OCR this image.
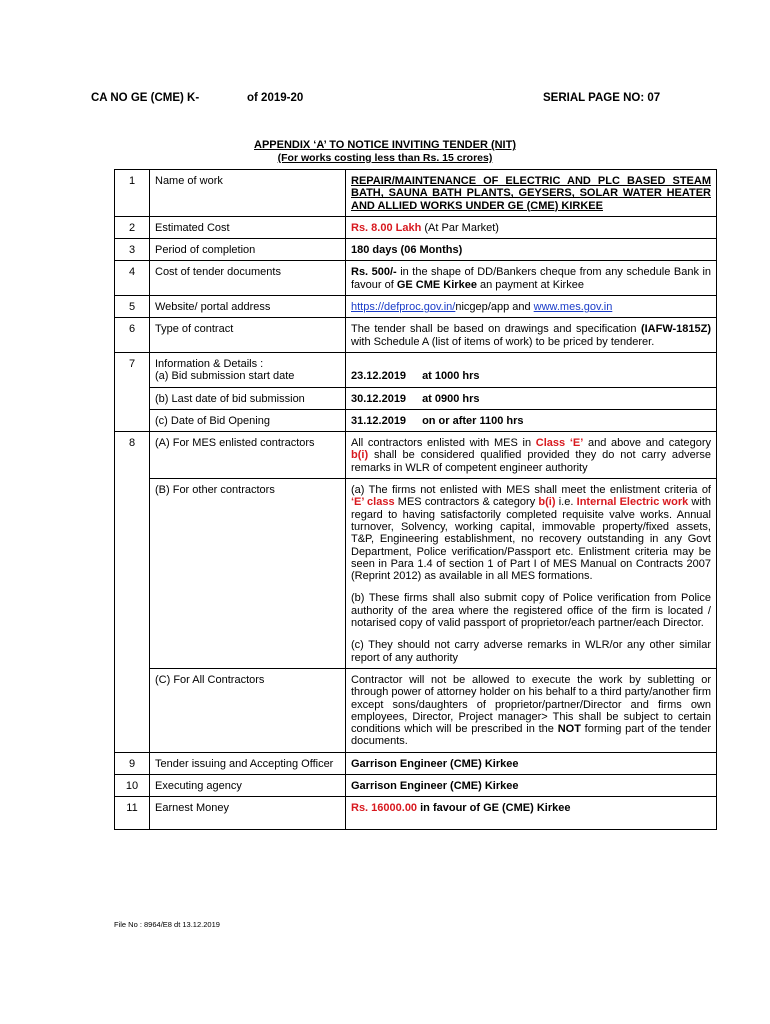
CA NO GE (CME) K-	of 2019-20	SERIAL PAGE NO: 07
APPENDIX ‘A’ TO NOTICE INVITING TENDER (NIT)
(For works costing less than Rs. 15 crores)
1	Name of work	REPAIR/MAINTENANCE OF ELECTRIC AND PLC BASED STEAM BATH, SAUNA BATH PLANTS, GEYSERS, SOLAR WATER HEATER AND ALLIED WORKS UNDER GE (CME) KIRKEE
2	Estimated Cost	Rs. 8.00 Lakh (At Par Market)
3	Period of completion	180 days (06 Months)
4	Cost of tender documents	Rs. 500/- in the shape of DD/Bankers cheque from any schedule Bank in favour of GE CME Kirkee an payment at Kirkee
5	Website/ portal address	https://defproc.gov.in/nicgep/app and www.mes.gov.in
6	Type of contract	The tender shall be based on drawings and specification (IAFW-1815Z) with Schedule A (list of items of work) to be priced by tenderer.
7	Information & Details :
(a) Bid submission start date	23.12.2019 at 1000 hrs
	(b) Last date of bid submission	30.12.2019 at 0900 hrs
	(c) Date of Bid Opening	31.12.2019 on or after 1100 hrs
8	(A) For MES enlisted contractors	All contractors enlisted with MES in Class ‘E’ and above and category b(i) shall be considered qualified provided they do not carry adverse remarks in WLR of competent engineer authority
	(B) For other contractors	(a) The firms not enlisted with MES shall meet the enlistment criteria of ‘E’ class MES contractors & category b(i) i.e. Internal Electric work with regard to having satisfactorily completed requisite valve works. Annual turnover, Solvency, working capital, immovable property/fixed assets, T&P, Engineering establishment, no recovery outstanding in any Govt Department, Police verification/Passport etc. Enlistment criteria may be seen in Para 1.4 of section 1 of Part I of MES Manual on Contracts 2007 (Reprint 2012) as available in all MES formations.
(b) These firms shall also submit copy of Police verification from Police authority of the area where the registered office of the firm is located / notarised copy of valid passport of proprietor/each partner/each Director.
(c) They should not carry adverse remarks in WLR/or any other similar report of any authority

	(C) For All Contractors	Contractor will not be allowed to execute the work by subletting or through power of attorney holder on his behalf to a third party/another firm except sons/daughters of proprietor/partner/Director and firms own employees, Director, Project manager> This shall be subject to certain conditions which will be prescribed in the NOT forming part of the tender documents.
9	Tender issuing and Accepting Officer	Garrison Engineer (CME) Kirkee
10	Executing agency	Garrison Engineer (CME) Kirkee
11	Earnest Money	Rs. 16000.00 in favour of GE (CME) Kirkee
File No : 8964/E8 dt 13.12.2019
